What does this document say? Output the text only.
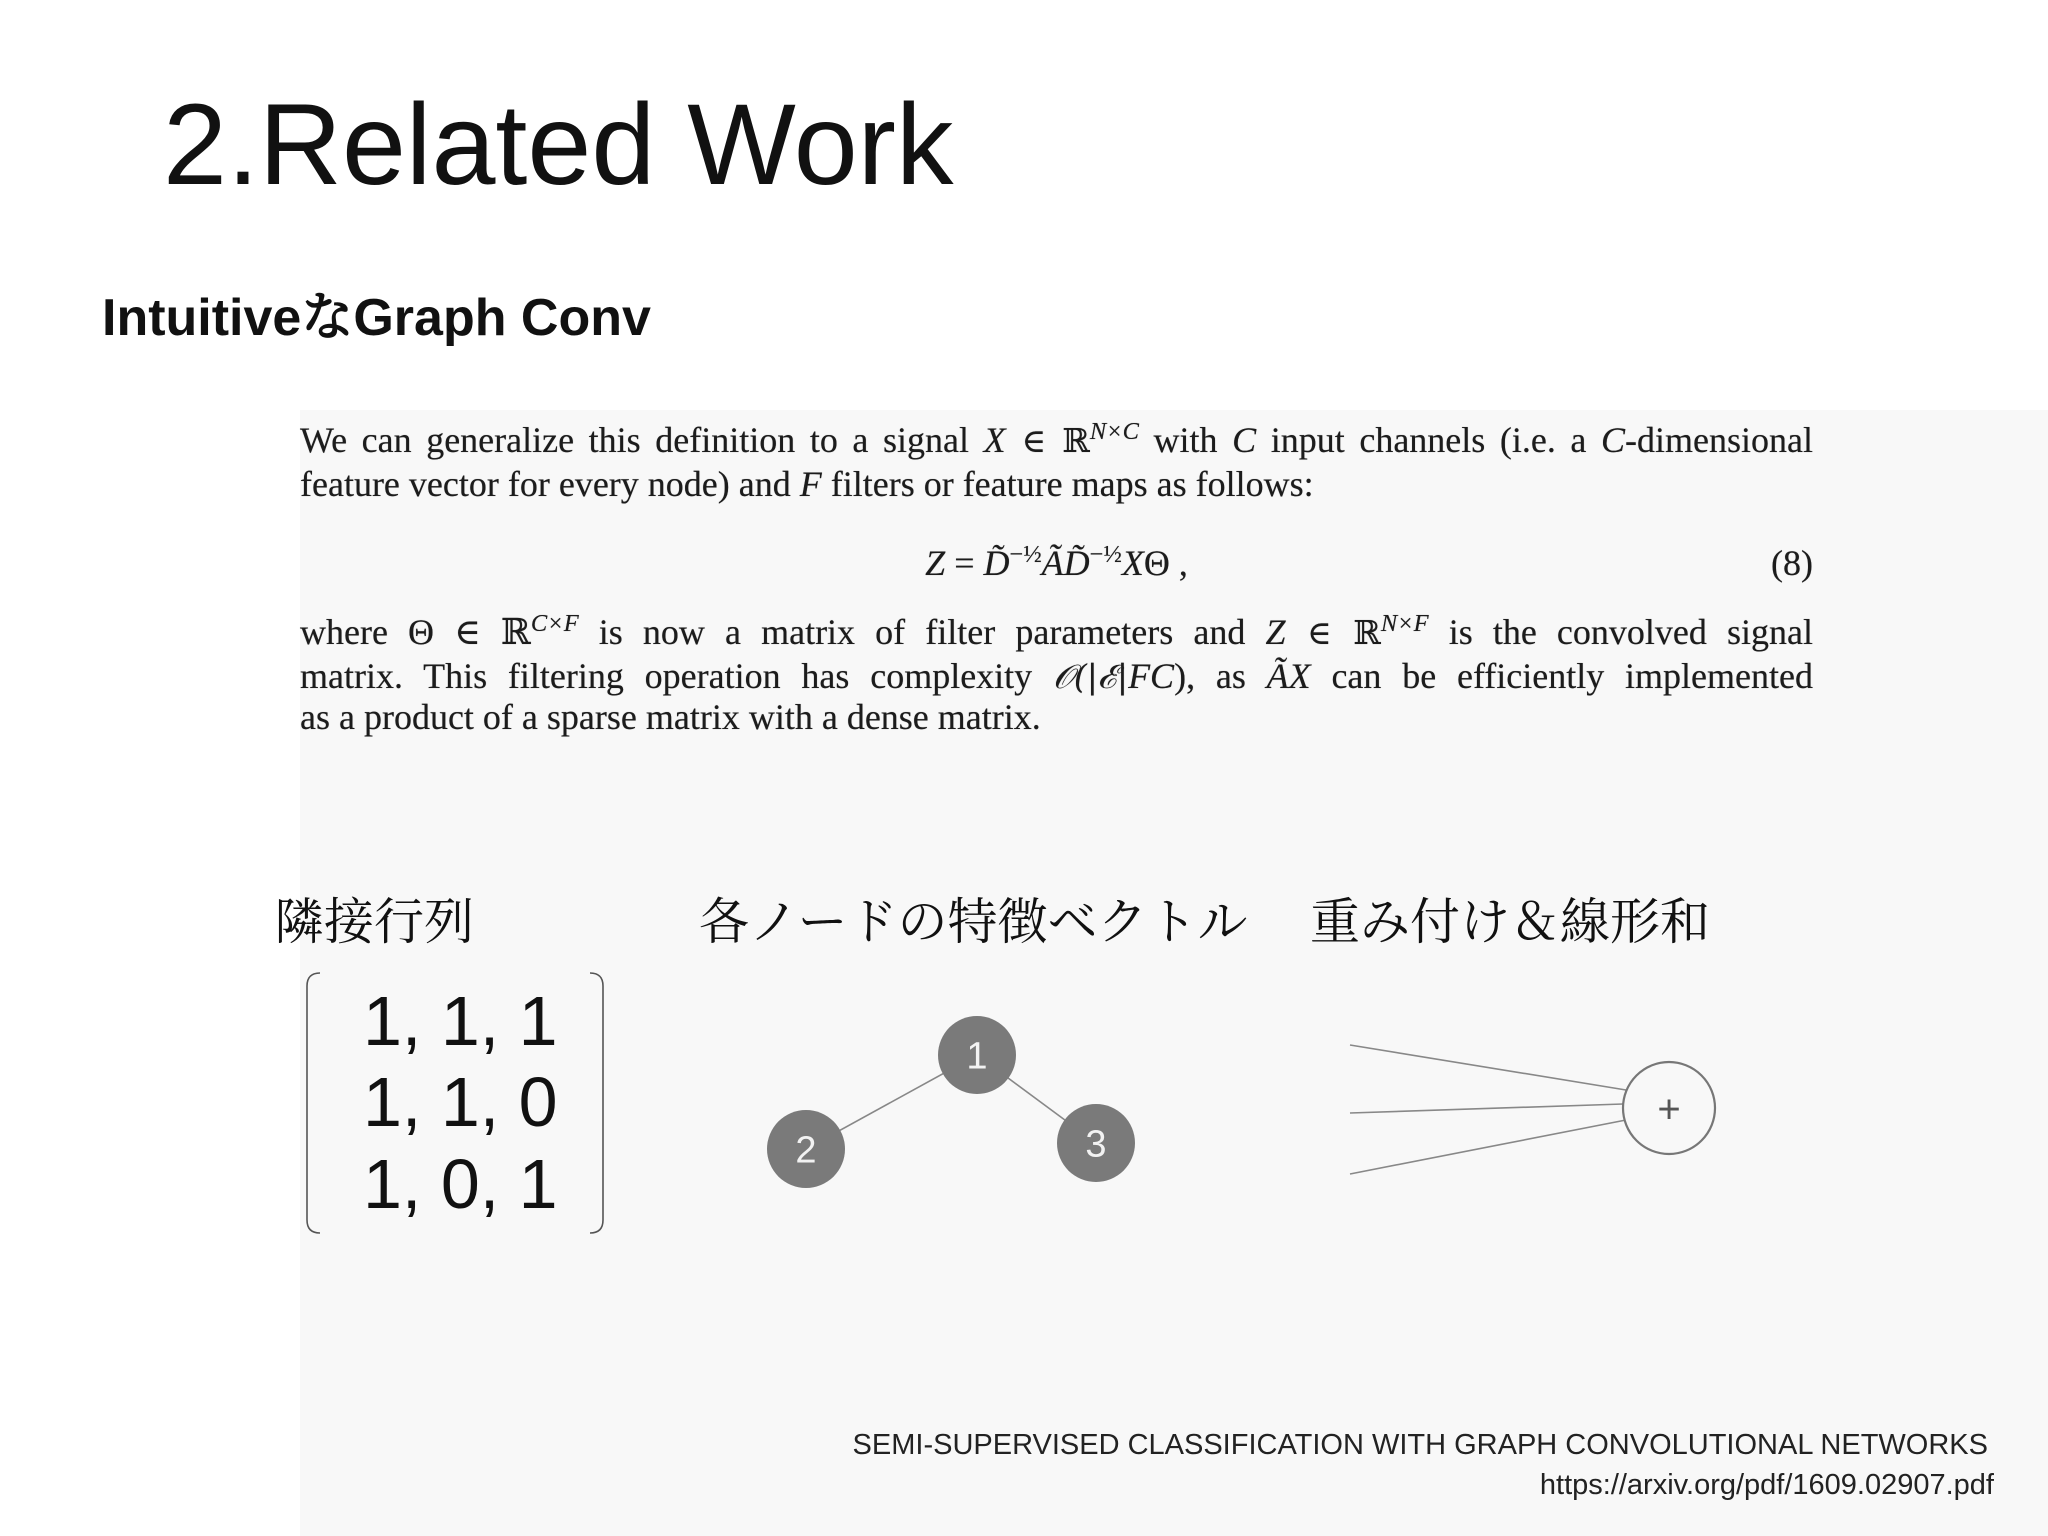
2.Related Work
IntuitiveなGraph Conv
We can generalize this definition to a signal X ∈ ℝ$^{N\times C}$ with C input channels (i.e. a C-dimensional
feature vector for every node) and F filters or feature maps as follows:
Z = D̃$^{-\frac{1}{2}}$ÃD̃$^{-\frac{1}{2}}$XΘ ,	(8)
where Θ ∈ ℝ$^{C\times F}$ is now a matrix of filter parameters and Z ∈ ℝ$^{N\times F}$ is the convolved signal
matrix. This filtering operation has complexity 𝒪(|ℰ|FC), as ÃX can be efficiently implemented
as a product of a sparse matrix with a dense matrix.
隣接行列	各ノードの特徴ベクトル 重み付け＆線形和
1, 1, 1
1, 1, 0
1, 0, 1
1
2	3
+
SEMI-SUPERVISED CLASSIFICATION WITH GRAPH CONVOLUTIONAL NETWORKS
https://arxiv.org/pdf/1609.02907.pdf
